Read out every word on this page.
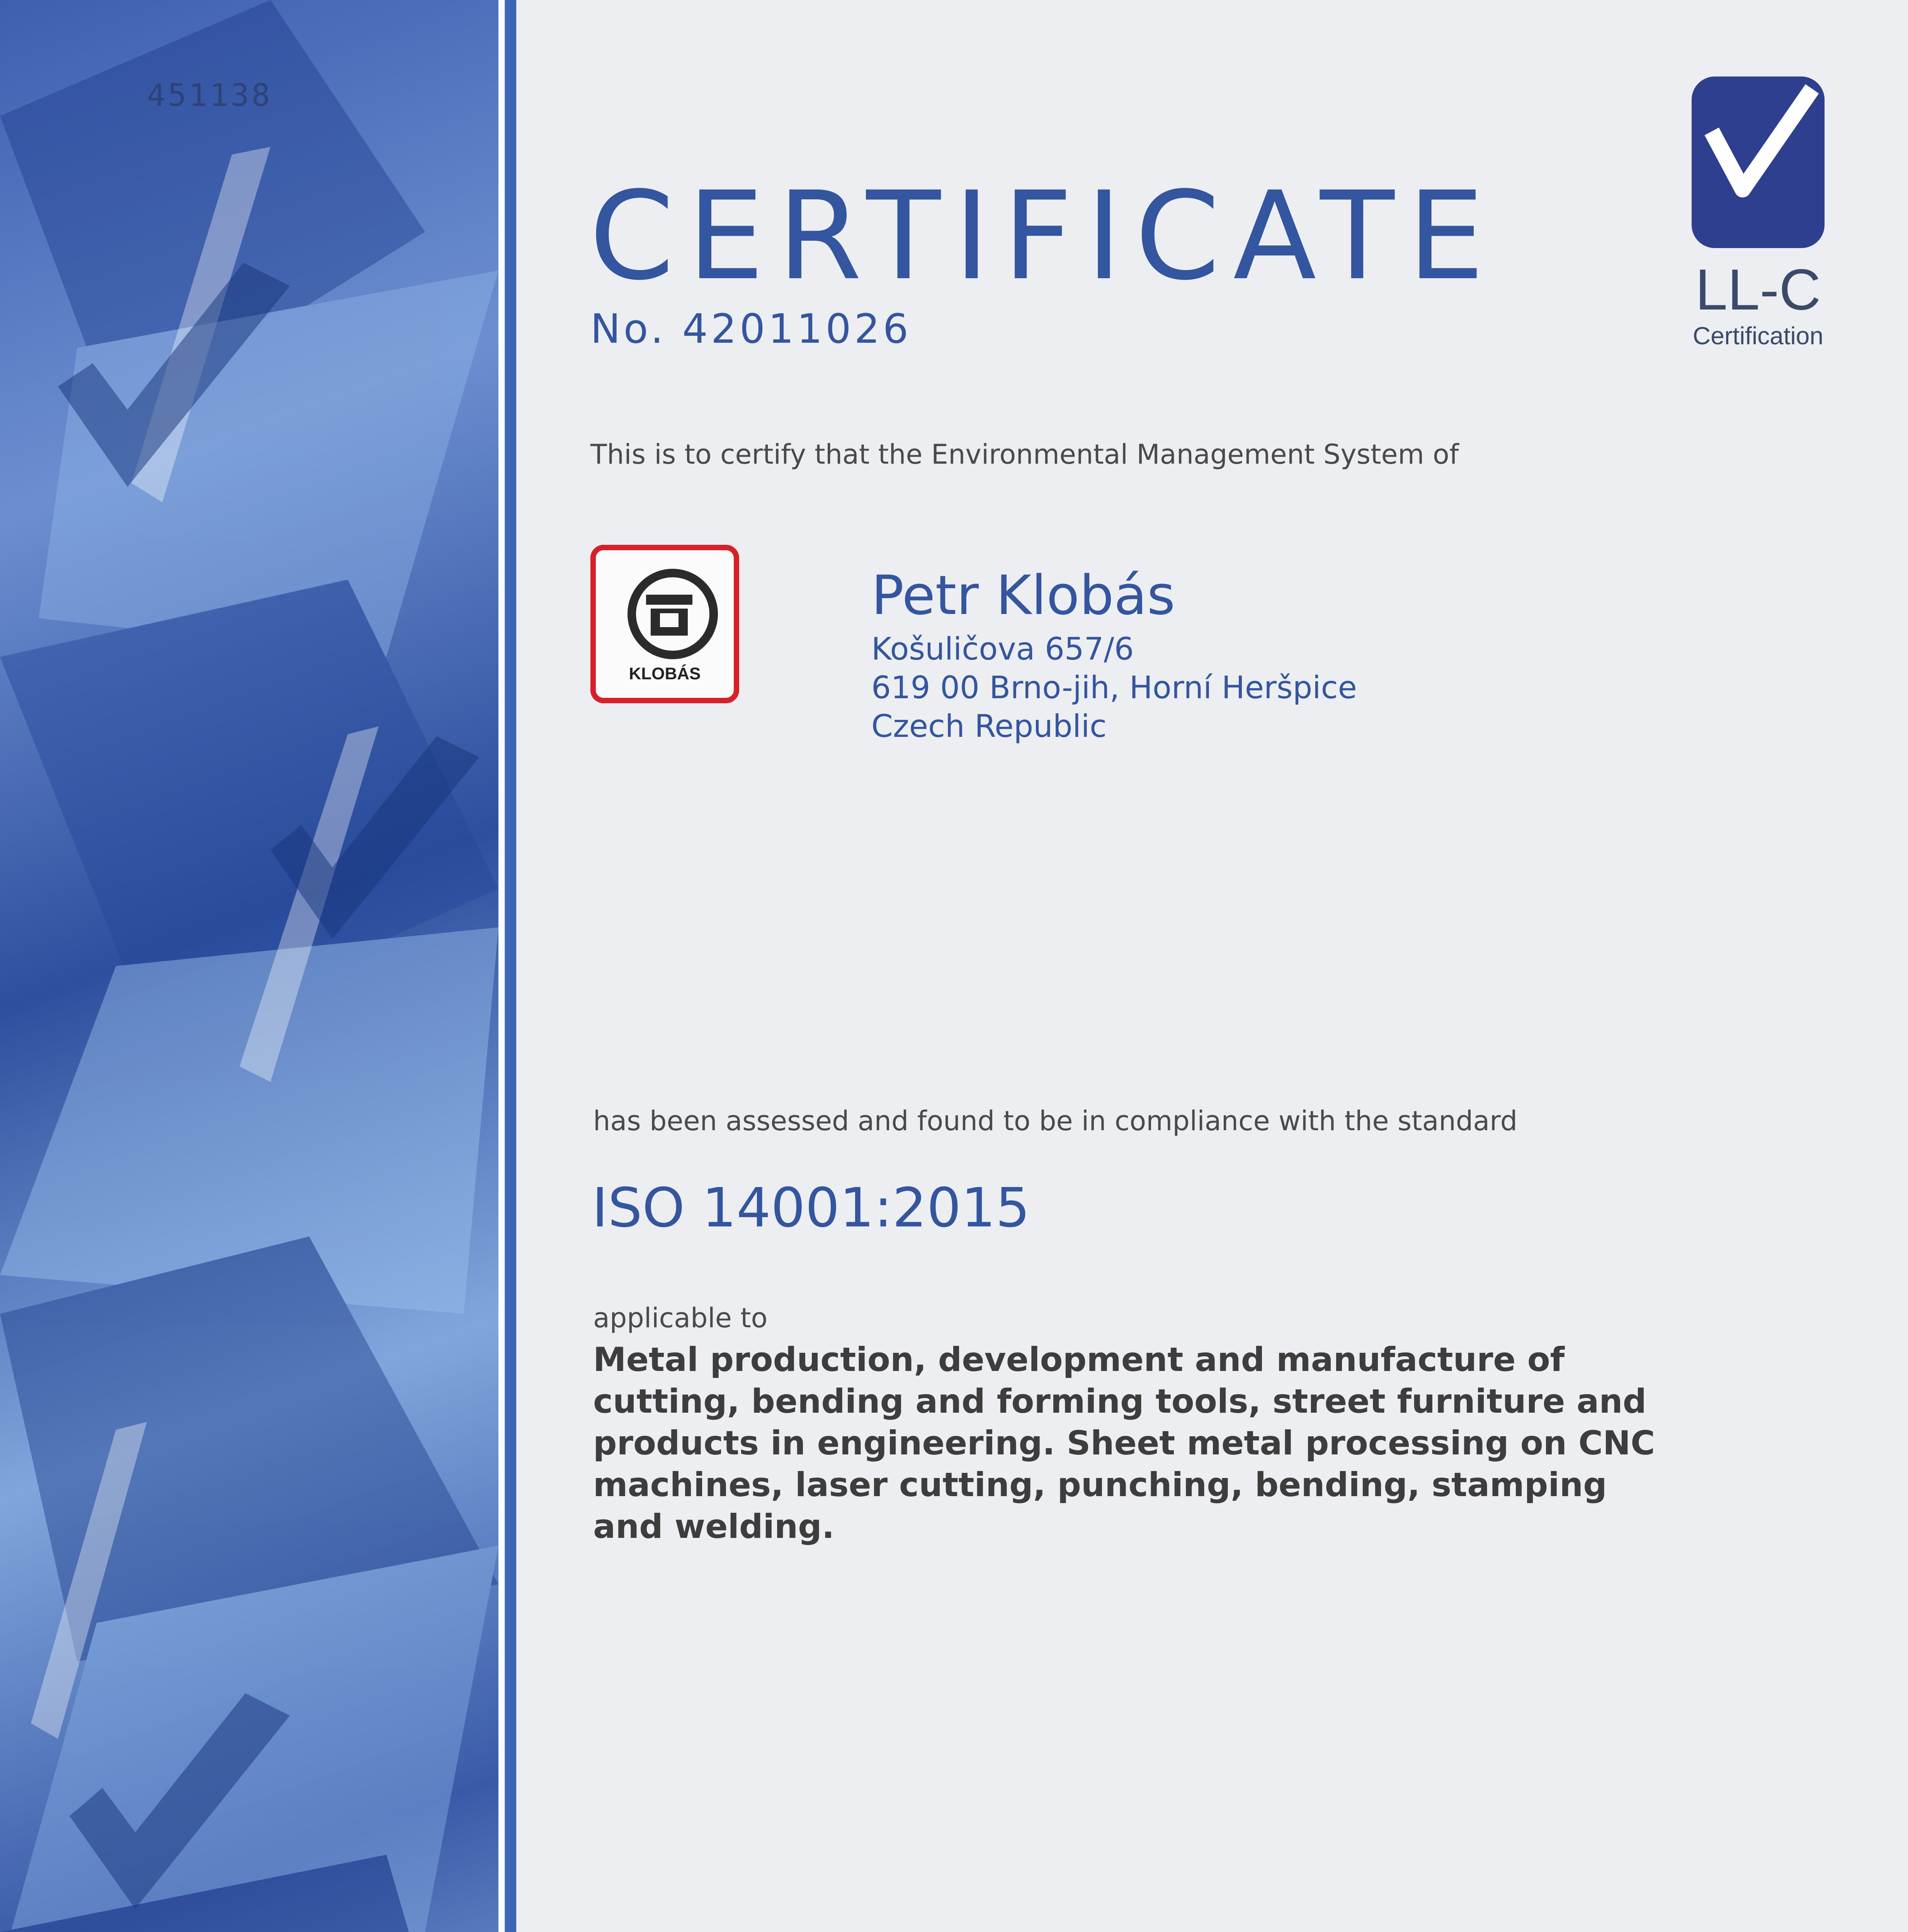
451138
CERTIFICATE
No. 42011026
LL-C
Certification
This is to certify that the Environmental Management System of
KLOBÁS
Petr Klobás
Košuličova 657/6
619 00 Brno-jih, Horní Heršpice
Czech Republic
has been assessed and found to be in compliance with the standard
ISO 14001:2015
applicable to
Metal production, development and manufacture of
cutting, bending and forming tools, street furniture and
products in engineering. Sheet metal processing on CNC
machines, laser cutting, punching, bending, stamping
and welding.
